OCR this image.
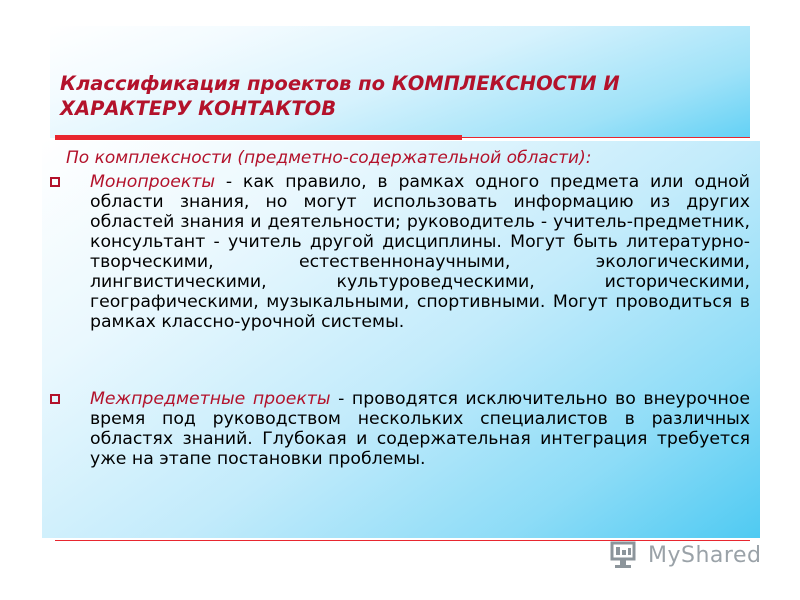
Классификация проектов по КОМПЛЕКСНОСТИ И ХАРАКТЕРУ КОНТАКТОВ

По комплексности (предметно-содержательной области):

Монопроекты - как правило, в рамках одного предмета или одной области знания, но могут использовать информацию из других областей знания и деятельности; руководитель - учитель-предметник, консультант - учитель другой дисциплины. Могут быть литературно-творческими, естественнонаучными, экологическими, лингвистическими, культуроведческими, историческими, географическими, музыкальными, спортивными. Могут проводиться в рамках классно-урочной системы.

Межпредметные проекты - проводятся исключительно во внеурочное время под руководством нескольких специалистов в различных областях знаний. Глубокая и содержательная интеграция требуется уже на этапе постановки проблемы.

MyShared
